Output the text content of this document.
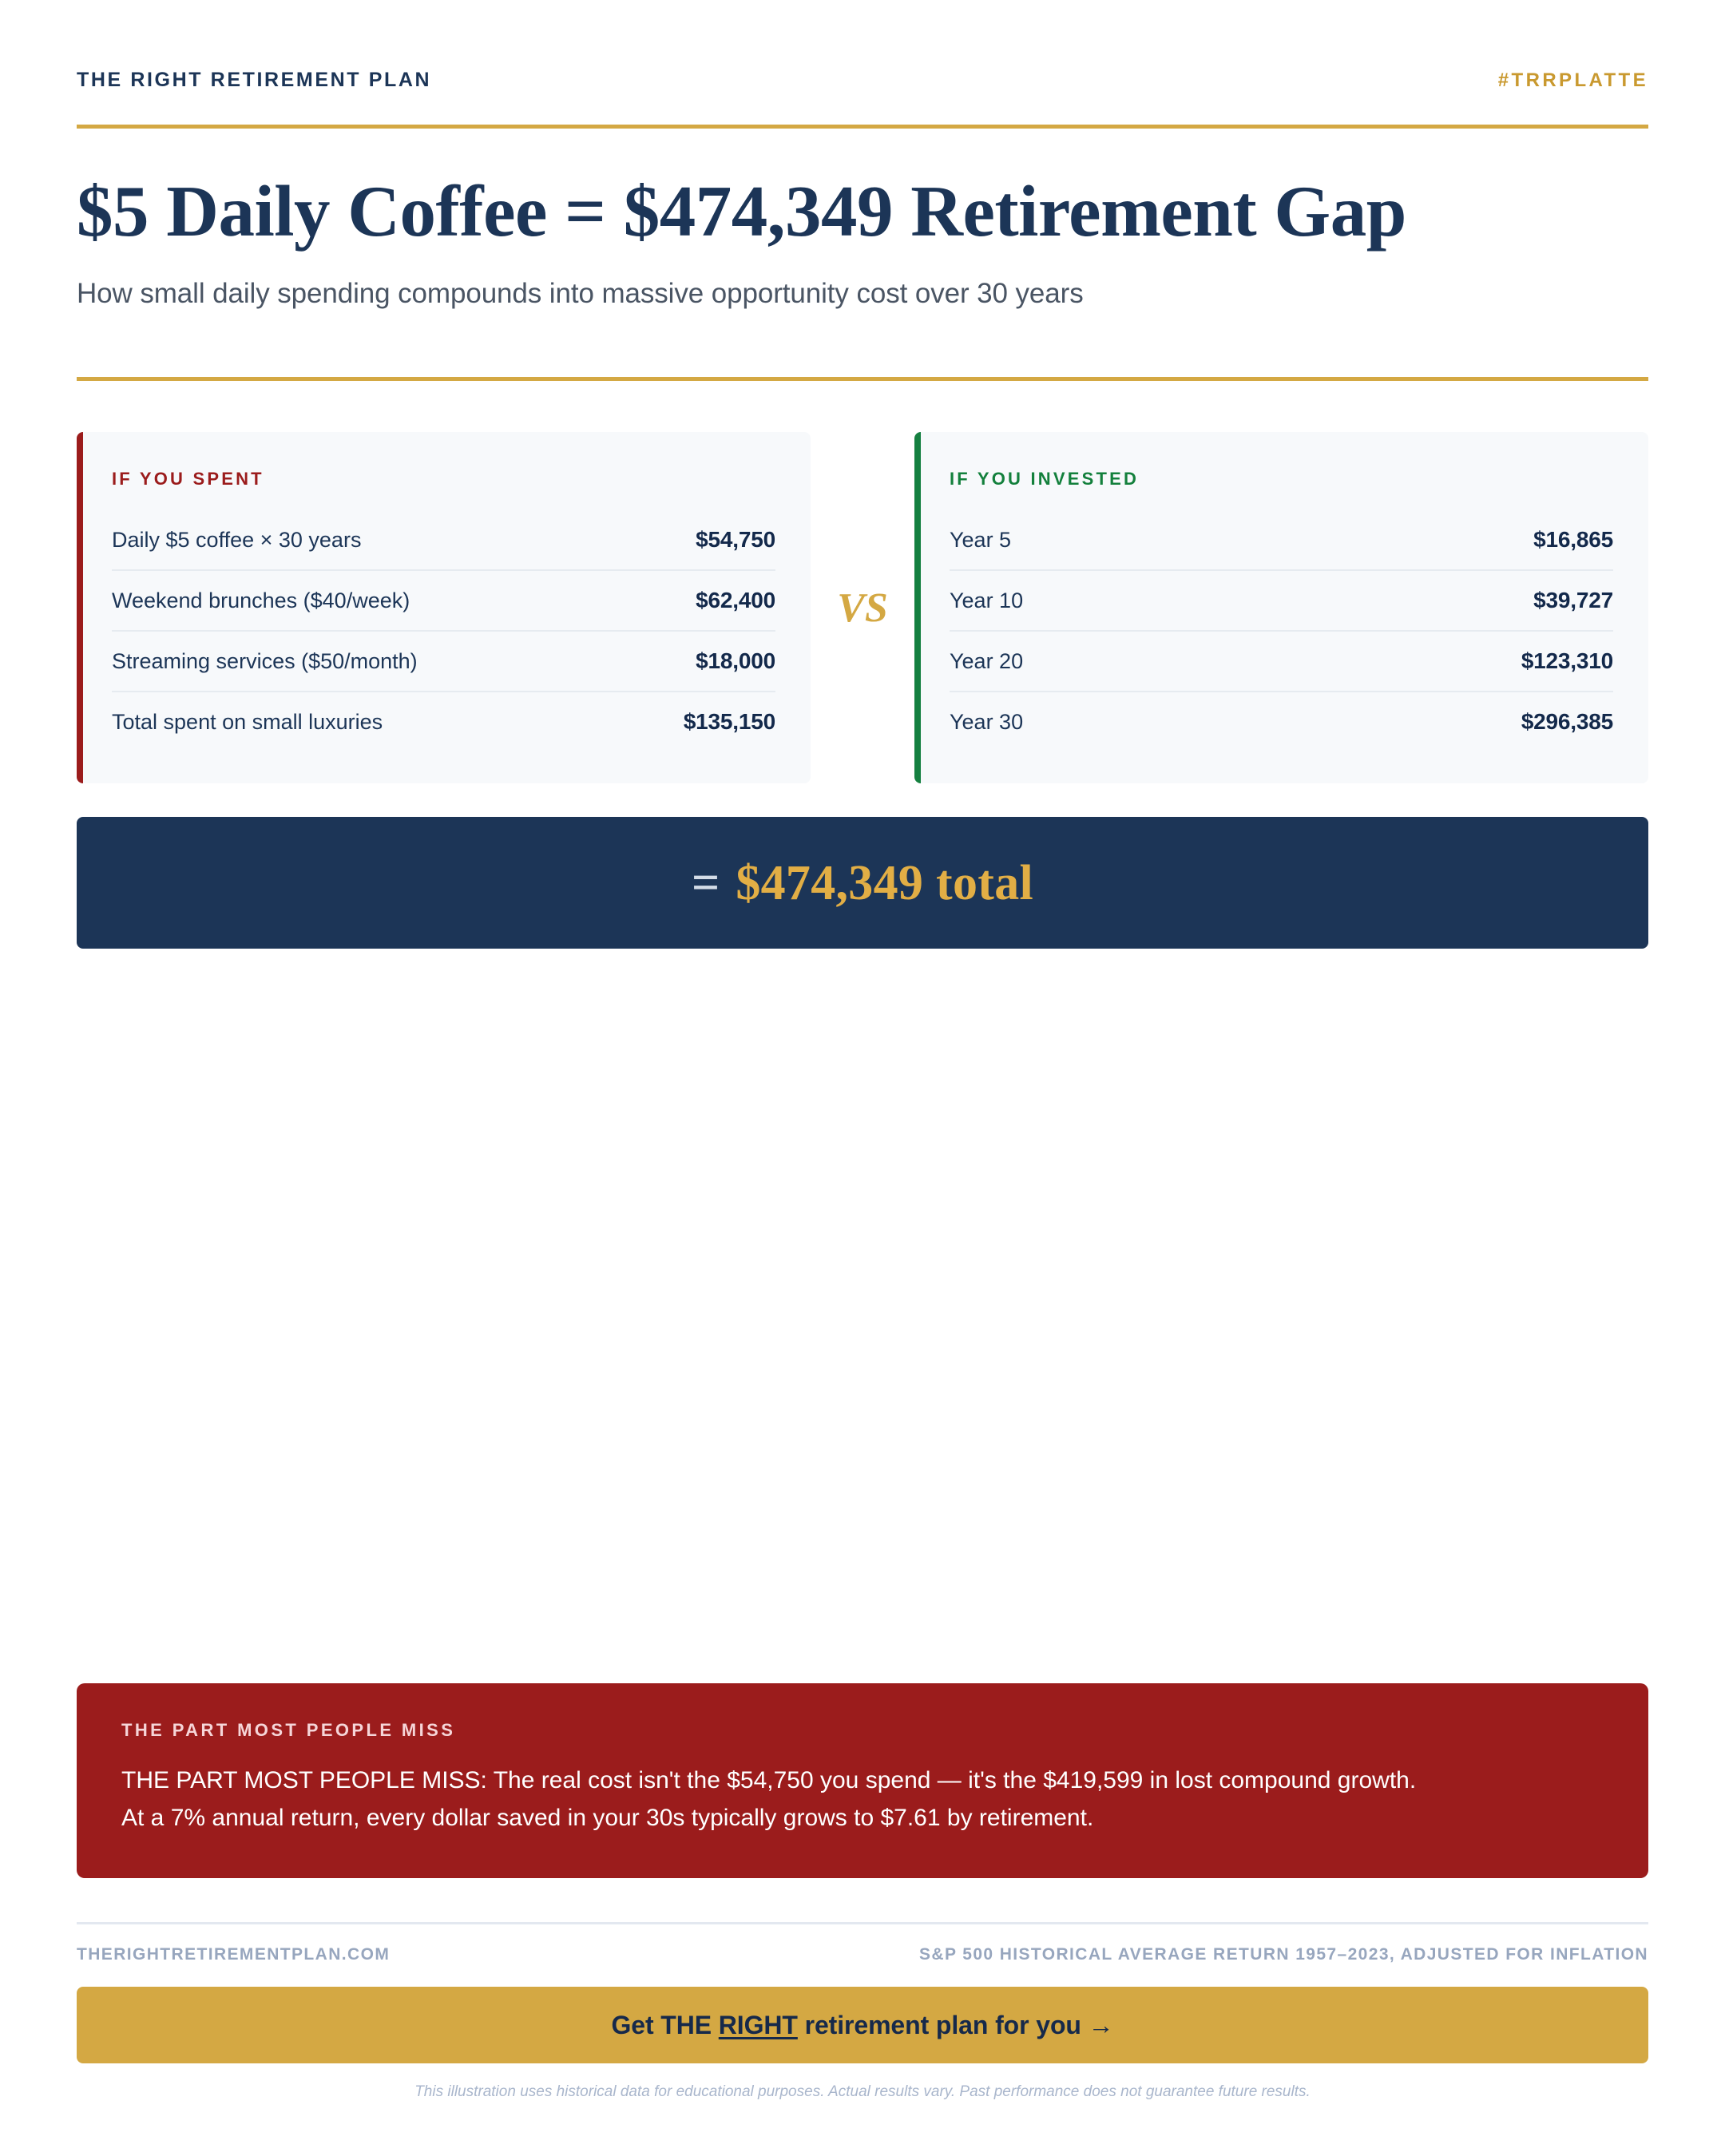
THE RIGHT RETIREMENT PLAN	#TRRPLATTE
$5 Daily Coffee = $474,349 Retirement Gap

How small daily spending compounds into massive opportunity cost over 30 years

IF YOU SPENT
Daily $5 coffee × 30 years	$54,750
Weekend brunches ($40/week)	$62,400
Streaming services ($50/month)	$18,000
Total spent on small luxuries	$135,150
VS
IF YOU INVESTED
Year 5	$16,865
Year 10	$39,727
Year 20	$123,310
Year 30	$296,385
= $474,349 total
THE PART MOST PEOPLE MISS
THE PART MOST PEOPLE MISS: The real cost isn't the $54,750 you spend — it's the $419,599 in lost compound growth.
At a 7% annual return, every dollar saved in your 30s typically grows to $7.61 by retirement.
THERIGHTRETIREMENTPLAN.COM	S&P 500 HISTORICAL AVERAGE RETURN 1957–2023, ADJUSTED FOR INFLATION
Get THE RIGHT retirement plan for you →
This illustration uses historical data for educational purposes. Actual results vary. Past performance does not guarantee future results.
